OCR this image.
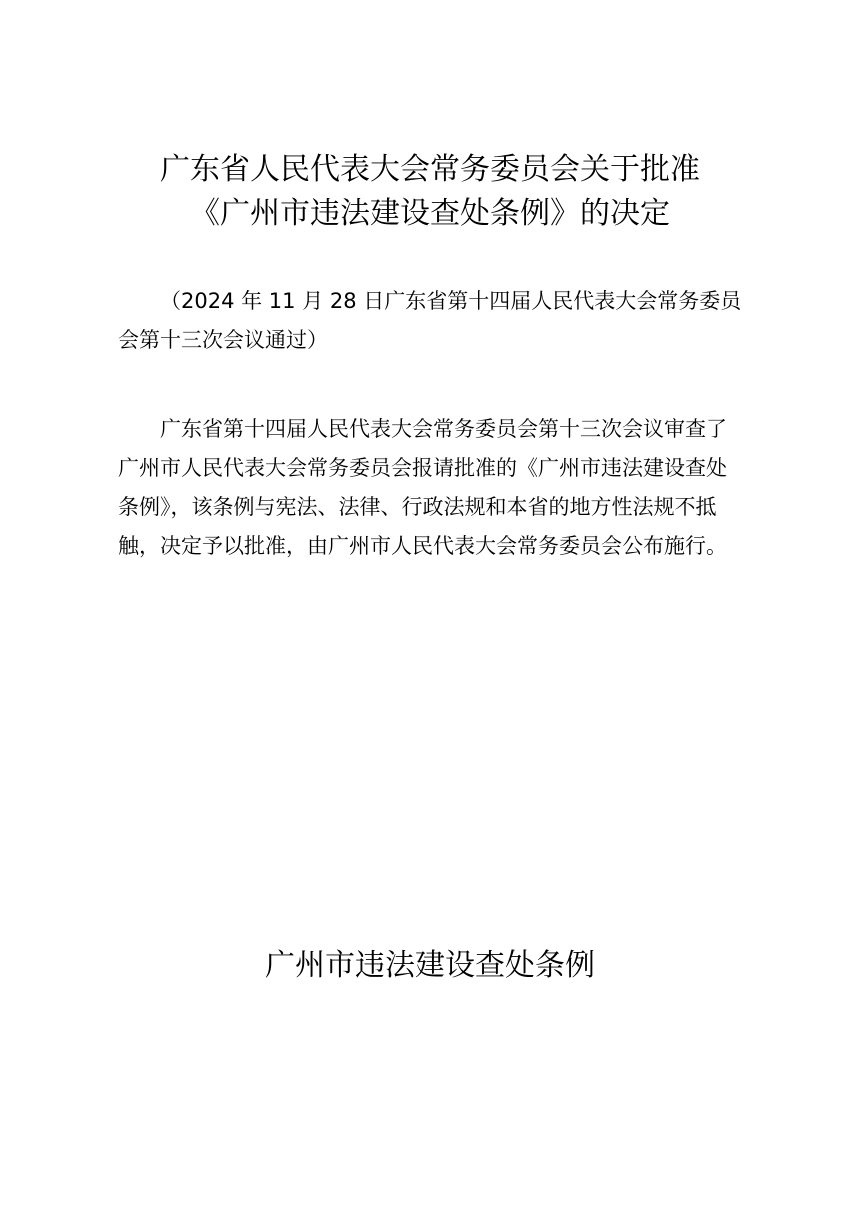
广东省人民代表大会常务委员会关于批准
《广州市违法建设查处条例》的决定

（2024 年 11 月 28 日广东省第十四届人民代表大会常务委员会第十三次会议通过）

广东省第十四届人民代表大会常务委员会第十三次会议审查了广州市人民代表大会常务委员会报请批准的《广州市违法建设查处条例》，该条例与宪法、法律、行政法规和本省的地方性法规不抵触，决定予以批准，由广州市人民代表大会常务委员会公布施行。

广州市违法建设查处条例
